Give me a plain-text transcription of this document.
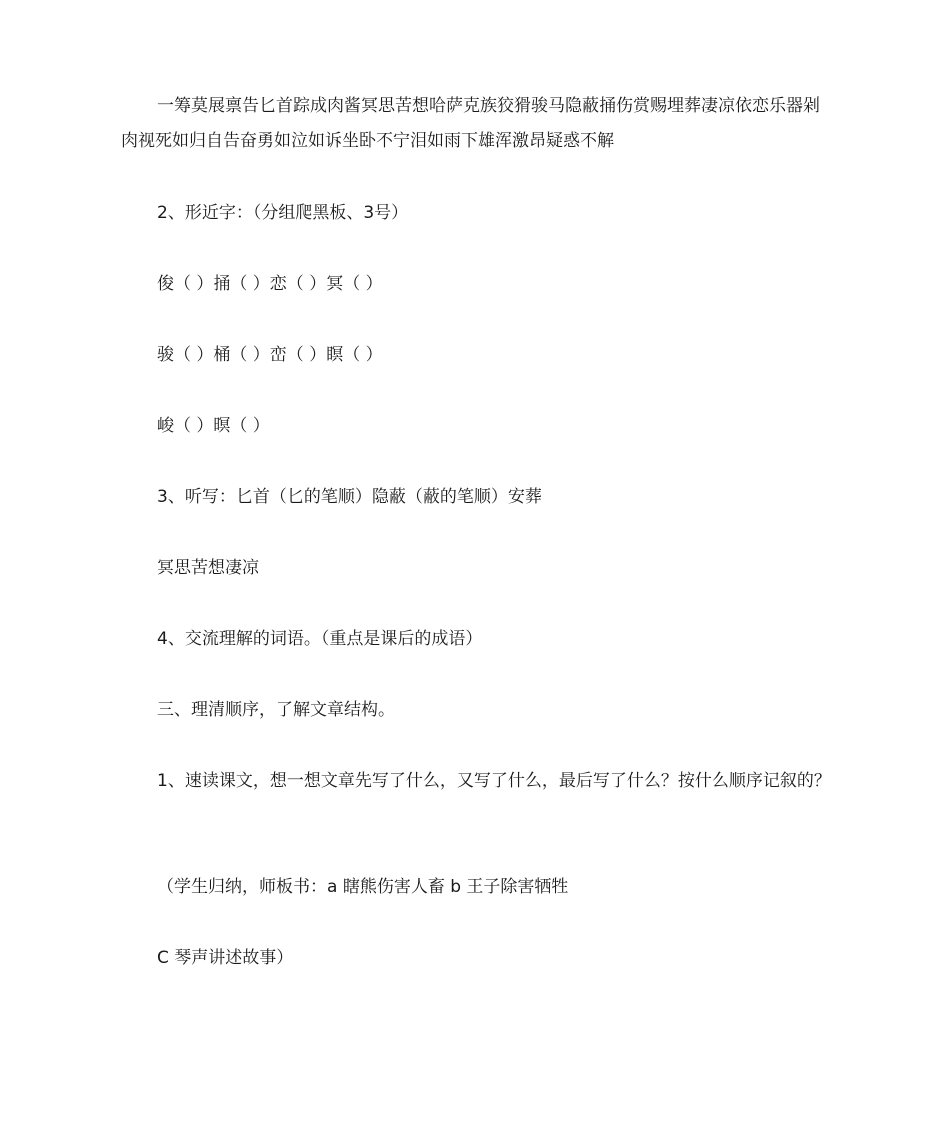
一筹莫展禀告匕首踪成肉酱冥思苦想哈萨克族狡猾骏马隐蔽捅伤赏赐埋葬凄凉依恋乐器剁肉视死如归自告奋勇如泣如诉坐卧不宁泪如雨下雄浑激昂疑惑不解
2、形近字：（分组爬黑板、3号）
俊（ ）捅（ ）恋（ ）冥（ ）
骏（ ）桶（ ）峦（ ）瞑（ ）
峻（ ）暝（ ）
3、听写：匕首（匕的笔顺）隐蔽（蔽的笔顺）安葬
冥思苦想凄凉
4、交流理解的词语。（重点是课后的成语）
三、理清顺序，了解文章结构。
1、速读课文，想一想文章先写了什么，又写了什么，最后写了什么？按什么顺序记叙的？
（学生归纳，师板书：a 瞎熊伤害人畜 b 王子除害牺牲
C 琴声讲述故事）
